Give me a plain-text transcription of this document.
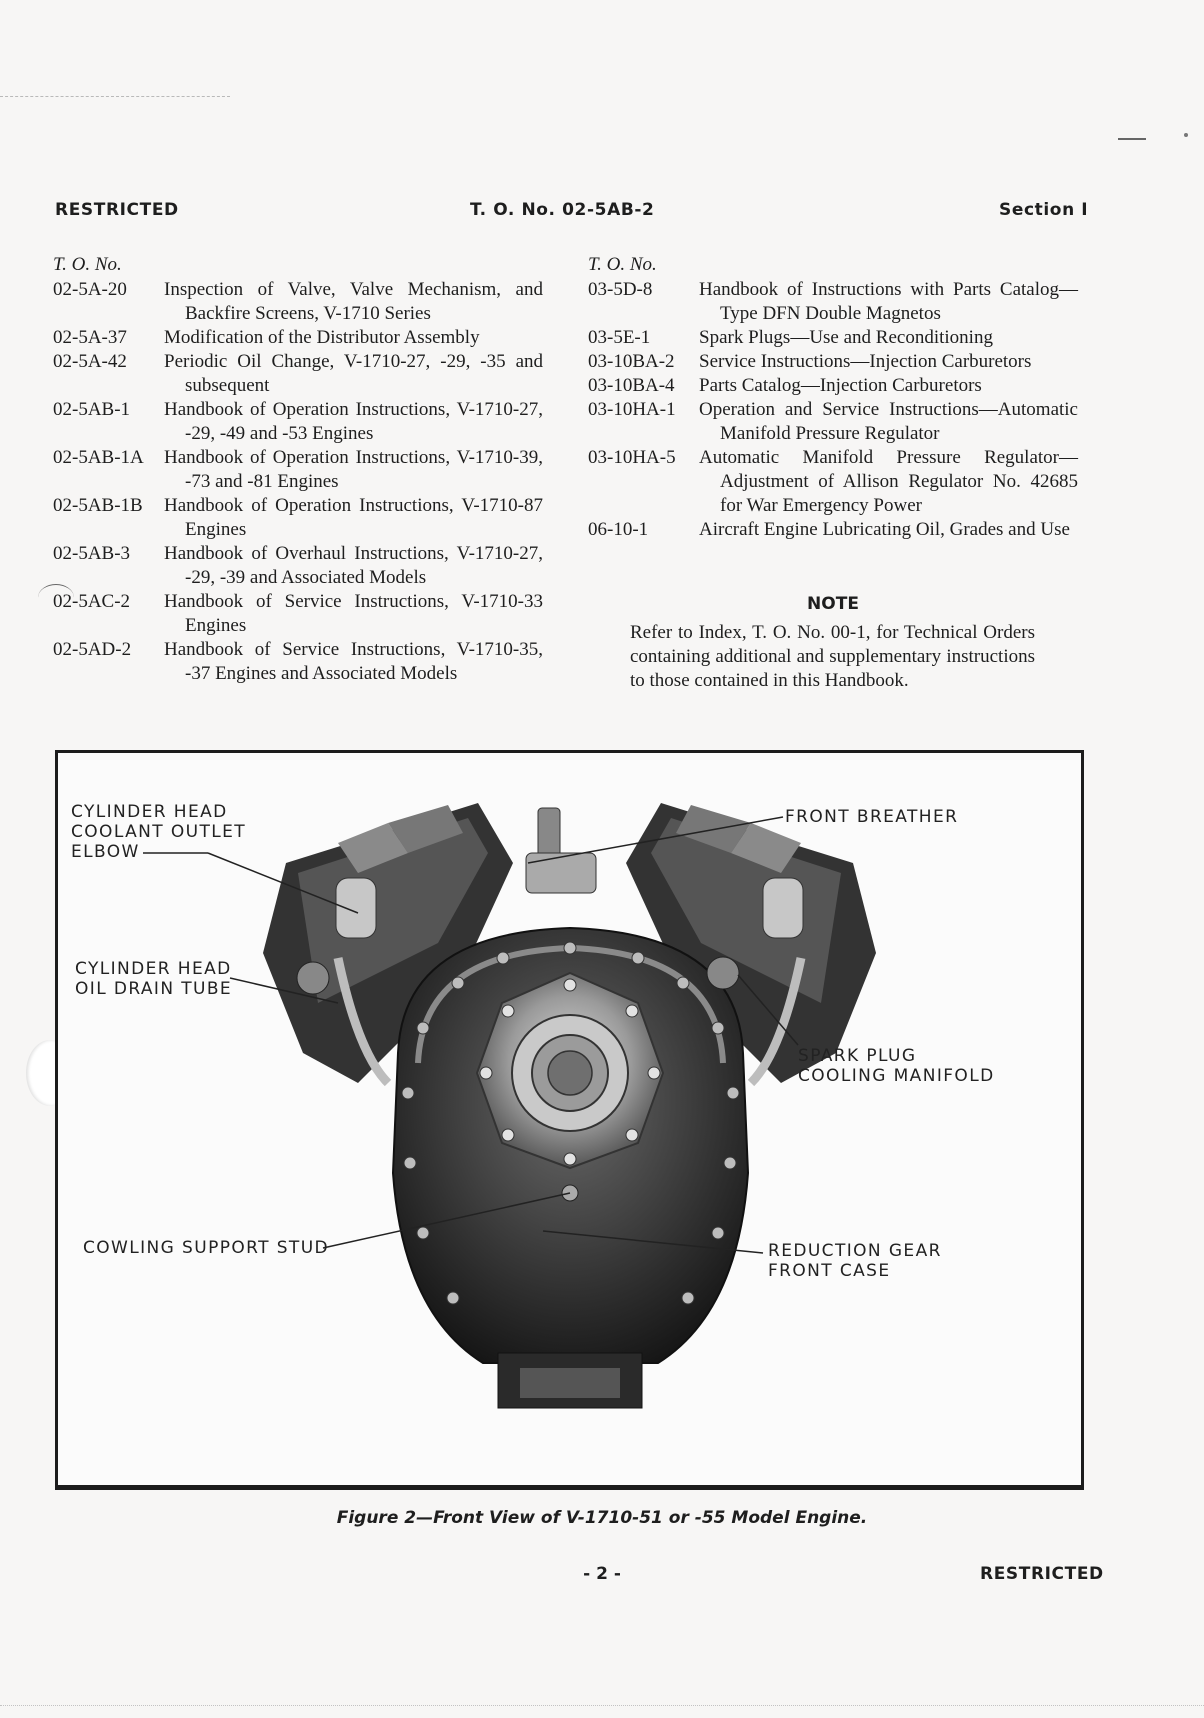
RESTRICTED	T. O. No. 02-5AB-2	Section I
T. O. No.
02-5A-20 Inspection of Valve, Valve Mechanism, and Backfire Screens, V-1710 Series
02-5A-37 Modification of the Distributor Assembly
02-5A-42 Periodic Oil Change, V-1710-27, -29, -35 and subsequent
02-5AB-1 Handbook of Operation Instructions, V-1710-27, -29, -49 and -53 Engines
02-5AB-1A Handbook of Operation Instructions, V-1710-39, -73 and -81 Engines
02-5AB-1B Handbook of Operation Instructions, V-1710-87 Engines
02-5AB-3 Handbook of Overhaul Instructions, V-1710-27, -29, -39 and Associated Models
02-5AC-2 Handbook of Service Instructions, V-1710-33 Engines
02-5AD-2 Handbook of Service Instructions, V-1710-35, -37 Engines and Associated Models
T. O. No.
03-5D-8 Handbook of Instructions with Parts Catalog—Type DFN Double Magnetos
03-5E-1	Spark Plugs—Use and Reconditioning
03-10BA-2 Service Instructions—Injection Carburetors
03-10BA-4 Parts Catalog—Injection Carburetors
03-10HA-1 Operation and Service Instructions—Automatic Manifold Pressure Regulator
03-10HA-5 Automatic Manifold Pressure Regulator—Adjustment of Allison Regulator No. 42685 for War Emergency Power
06-10-1	Aircraft Engine Lubricating Oil, Grades and Use
NOTE
Refer to Index, T. O. No. 00-1, for Technical Orders containing additional and supplementary instructions to those contained in this Handbook.
CYLINDER HEAD
COOLANT OUTLET
ELBOW
FRONT BREATHER
CYLINDER HEAD
OIL DRAIN TUBE
SPARK PLUG
COOLING MANIFOLD
COWLING SUPPORT STUD	REDUCTION GEAR
FRONT CASE
Figure 2—Front View of V-1710-51 or -55 Model Engine.
- 2 -	RESTRICTED
